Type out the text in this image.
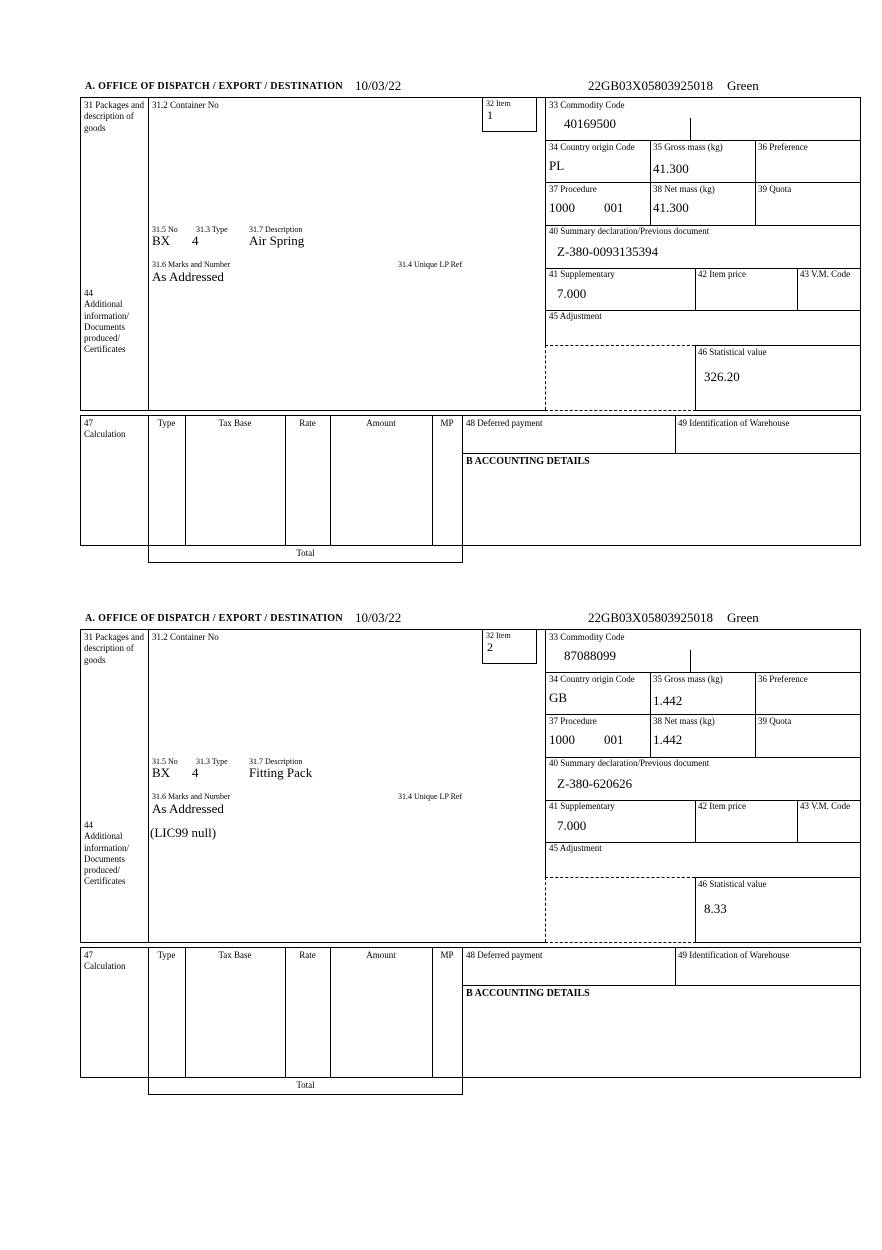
A. OFFICE OF DISPATCH / EXPORT / DESTINATION 10/03/22	22GB03X05803925018 Green
31 Packages and description of goods
44
Additional information/ Documents produced/ Certificates
47
Calculation
31.2 Container No
31.5 No 31.3 Type	31.7 Description
BX 4	Air Spring
31.6 Marks and Number	31.4 Unique LP Ref
As Addressed
32 Item
1
33 Commodity Code
40169500
34 Country origin Code
PL
35 Gross mass (kg)
41.300
36 Preference
37 Procedure
1000 001
38 Net mass (kg)
41.300
39 Quota
40 Summary declaration/Previous document
Z-380-0093135394
41 Supplementary
7.000
42 Item price	43 V.M. Code
45 Adjustment
46 Statistical value
326.20
Type	Tax Base	Rate	Amount	MP	48 Deferred payment	49 Identification of Warehouse
B ACCOUNTING DETAILS
Total
A. OFFICE OF DISPATCH / EXPORT / DESTINATION 10/03/22	22GB03X05803925018 Green
31 Packages and description of goods
44
Additional information/ Documents produced/ Certificates
47
Calculation
31.2 Container No
31.5 No 31.3 Type	31.7 Description
BX 4	Fitting Pack
31.6 Marks and Number	31.4 Unique LP Ref
As Addressed
(LIC99 null)
32 Item
2
33 Commodity Code
87088099
34 Country origin Code
GB
35 Gross mass (kg)
1.442
36 Preference
37 Procedure
1000 001
38 Net mass (kg)
1.442
39 Quota
40 Summary declaration/Previous document
Z-380-620626
41 Supplementary
7.000
42 Item price	43 V.M. Code
45 Adjustment
46 Statistical value
8.33
Type	Tax Base	Rate	Amount	MP	48 Deferred payment	49 Identification of Warehouse
B ACCOUNTING DETAILS
Total
